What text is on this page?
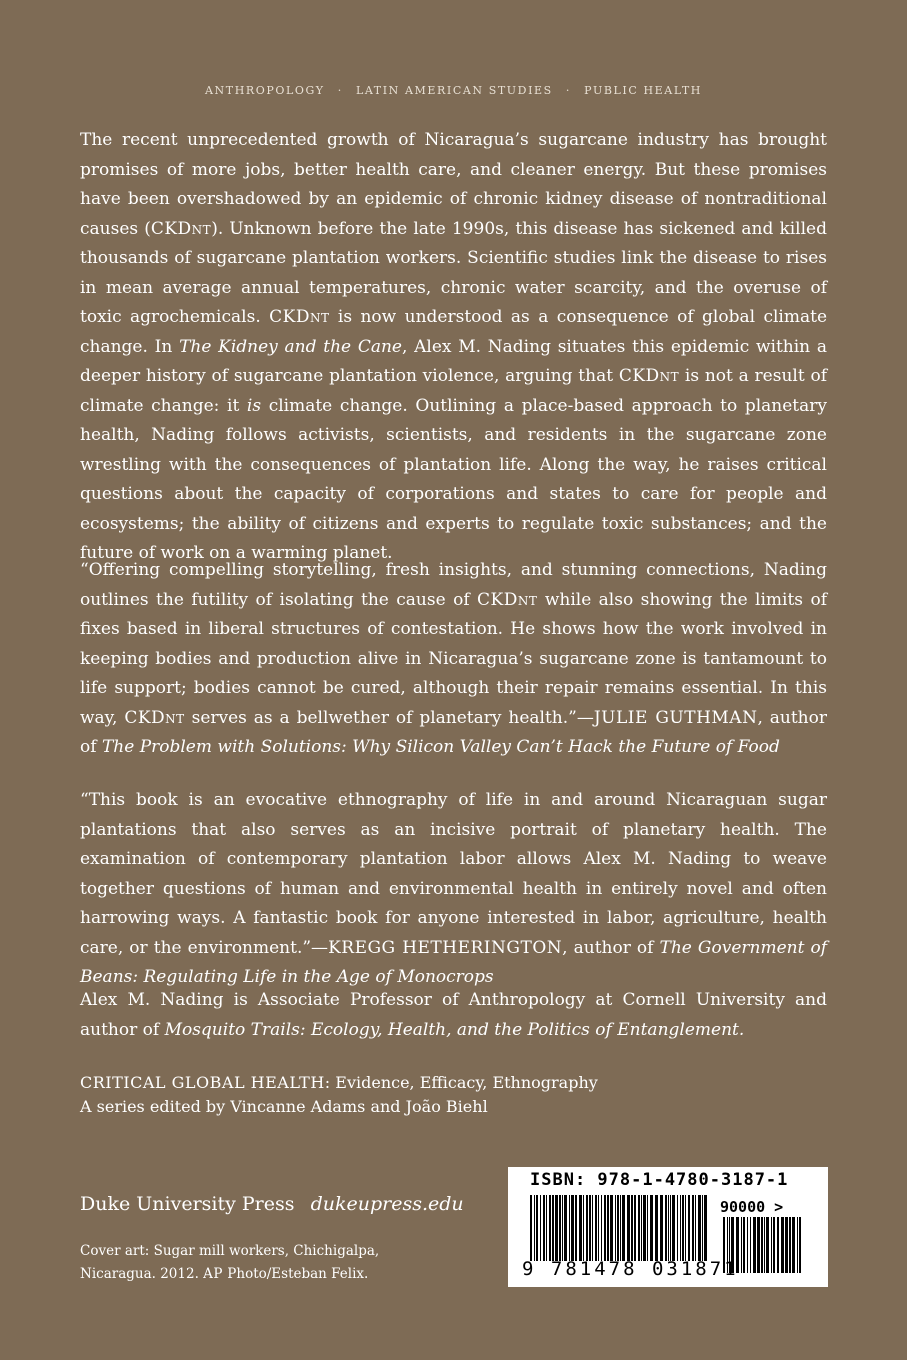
ANTHROPOLOGY · LATIN AMERICAN STUDIES · PUBLIC HEALTH

The recent unprecedented growth of Nicaragua’s sugarcane industry has brought promises of more jobs, better health care, and cleaner energy. But these promises have been overshadowed by an epidemic of chronic kidney disease of nontraditional causes (CKDnt). Unknown before the late 1990s, this disease has sickened and killed thousands of sugarcane plantation workers. Scientific studies link the disease to rises in mean average annual temperatures, chronic water scarcity, and the overuse of toxic agrochemicals. CKDnt is now understood as a consequence of global climate change. In The Kidney and the Cane, Alex M. Nading situates this epidemic within a deeper history of sugarcane plantation violence, arguing that CKDnt is not a result of climate change: it is climate change. Outlining a place-based approach to planetary health, Nading follows activists, scientists, and residents in the sugarcane zone wrestling with the consequences of plantation life. Along the way, he raises critical questions about the capacity of corporations and states to care for people and ecosystems; the ability of citizens and experts to regulate toxic substances; and the future of work on a warming planet.

“Offering compelling storytelling, fresh insights, and stunning connections, Nading outlines the futility of isolating the cause of CKDnt while also showing the limits of fixes based in liberal structures of contestation. He shows how the work involved in keeping bodies and production alive in Nicaragua’s sugarcane zone is tantamount to life support; bodies cannot be cured, although their repair remains essential. In this way, CKDnt serves as a bellwether of planetary health.”—JULIE GUTHMAN, author of The Problem with Solutions: Why Silicon Valley Can’t Hack the Future of Food

“This book is an evocative ethnography of life in and around Nicaraguan sugar plantations that also serves as an incisive portrait of planetary health. The examination of contemporary plantation labor allows Alex M. Nading to weave together questions of human and environmental health in entirely novel and often harrowing ways. A fantastic book for anyone interested in labor, agriculture, health care, or the environment.”—KREGG HETHERINGTON, author of The Government of Beans: Regulating Life in the Age of Monocrops

Alex M. Nading is Associate Professor of Anthropology at Cornell University and author of Mosquito Trails: Ecology, Health, and the Politics of Entanglement.

CRITICAL GLOBAL HEALTH: Evidence, Efficacy, Ethnography
A series edited by Vincanne Adams and João Biehl
Duke University Press dukeupress.edu
Cover art: Sugar mill workers, Chichigalpa,
Nicaragua. 2012. AP Photo/Esteban Felix.
ISBN: 978-1-4780-3187-1
90000 >
9 781478 031871
